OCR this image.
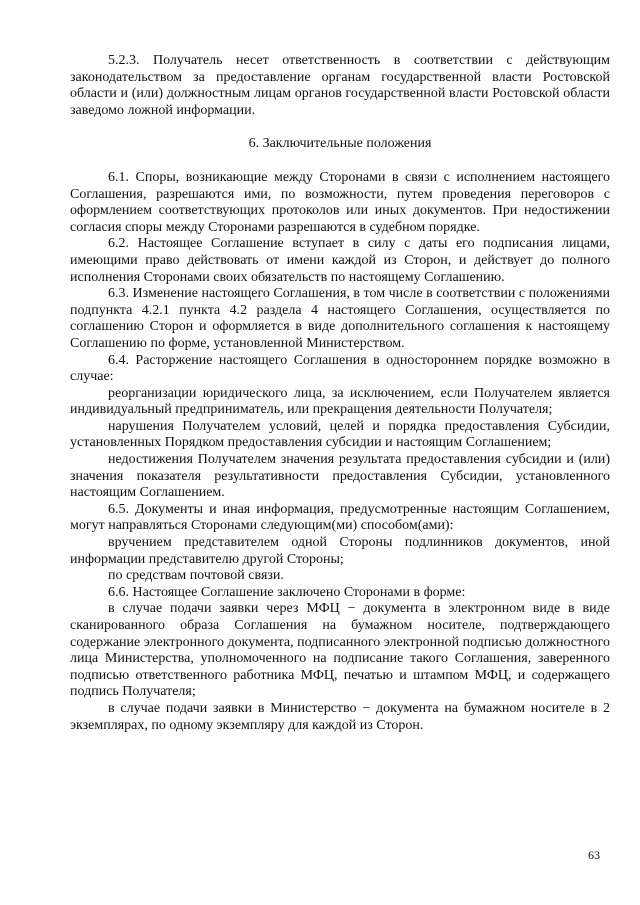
5.2.3. Получатель несет ответственность в соответствии с действующим законодательством за предоставление органам государственной власти Ростовской области и (или) должностным лицам органов государственной власти Ростовской области заведомо ложной информации.

6. Заключительные положения

6.1. Споры, возникающие между Сторонами в связи с исполнением настоящего Соглашения, разрешаются ими, по возможности, путем проведения переговоров с оформлением соответствующих протоколов или иных документов. При недостижении согласия споры между Сторонами разрешаются в судебном порядке.

6.2. Настоящее Соглашение вступает в силу с даты его подписания лицами, имеющими право действовать от имени каждой из Сторон, и действует до полного исполнения Сторонами своих обязательств по настоящему Соглашению.

6.3. Изменение настоящего Соглашения, в том числе в соответствии с положениями подпункта 4.2.1 пункта 4.2 раздела 4 настоящего Соглашения, осуществляется по соглашению Сторон и оформляется в виде дополнительного соглашения к настоящему Соглашению по форме, установленной Министерством.

6.4. Расторжение настоящего Соглашения в одностороннем порядке возможно в случае:

реорганизации юридического лица, за исключением, если Получателем является индивидуальный предприниматель, или прекращения деятельности Получателя;

нарушения Получателем условий, целей и порядка предоставления Субсидии, установленных Порядком предоставления субсидии и настоящим Соглашением;

недостижения Получателем значения результата предоставления субсидии и (или) значения показателя результативности предоставления Субсидии, установленного настоящим Соглашением.

6.5. Документы и иная информация, предусмотренные настоящим Соглашением, могут направляться Сторонами следующим(ми) способом(ами):

вручением представителем одной Стороны подлинников документов, иной информации представителю другой Стороны;

по средствам почтовой связи.

6.6. Настоящее Соглашение заключено Сторонами в форме:

в случае подачи заявки через МФЦ − документа в электронном виде в виде сканированного образа Соглашения на бумажном носителе, подтверждающего содержание электронного документа, подписанного электронной подписью должностного лица Министерства, уполномоченного на подписание такого Соглашения, заверенного подписью ответственного работника МФЦ, печатью и штампом МФЦ, и содержащего подпись Получателя;

в случае подачи заявки в Министерство − документа на бумажном носителе в 2 экземплярах, по одному экземпляру для каждой из Сторон.

63
